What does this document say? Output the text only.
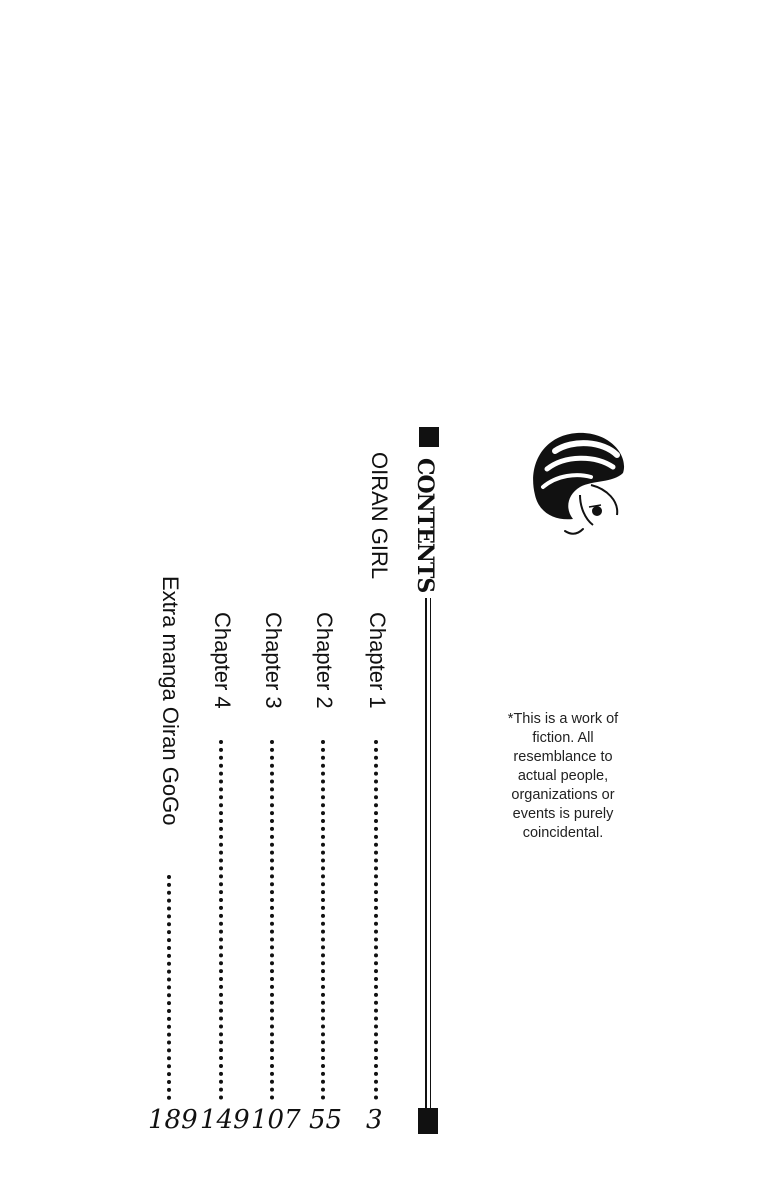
CONTENTS
OIRAN GIRL
Chapter 1
3
Chapter 2
55
Chapter 3
107
Chapter 4
149
Extra manga Oiran GoGo
189
*This is a work of fiction. All resemblance to actual people, organizations or events is purely coincidental.
